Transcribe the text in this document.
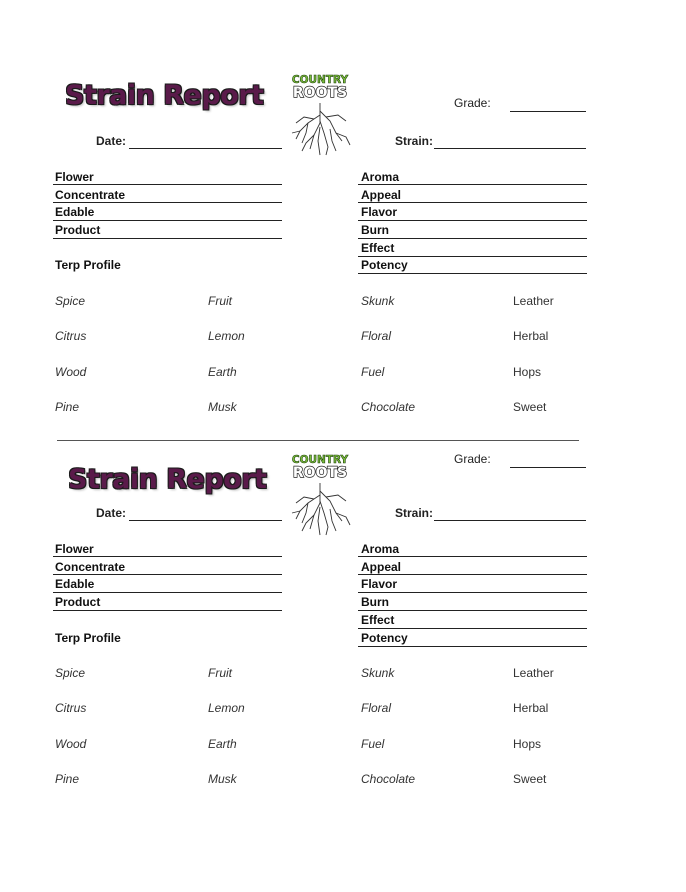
Strain Report	COUNTRY
ROOTS
Grade:
Date:	Strain:
Flower
Concentrate
Edable
Product
Terp Profile
Aroma
Appeal
Flavor
Burn
Effect
Potency
Spice	Fruit	Skunk	Leather
Citrus	Lemon	Floral	Herbal
Wood	Earth	Fuel	Hops
Pine	Musk	Chocolate	Sweet
Strain Report
COUNTRY
ROOTS
Grade:
Date:	Strain:
Flower
Concentrate
Edable
Product
Terp Profile
Aroma
Appeal
Flavor
Burn
Effect
Potency
Spice	Fruit	Skunk	Leather
Citrus	Lemon	Floral	Herbal
Wood	Earth	Fuel	Hops
Pine	Musk	Chocolate	Sweet
